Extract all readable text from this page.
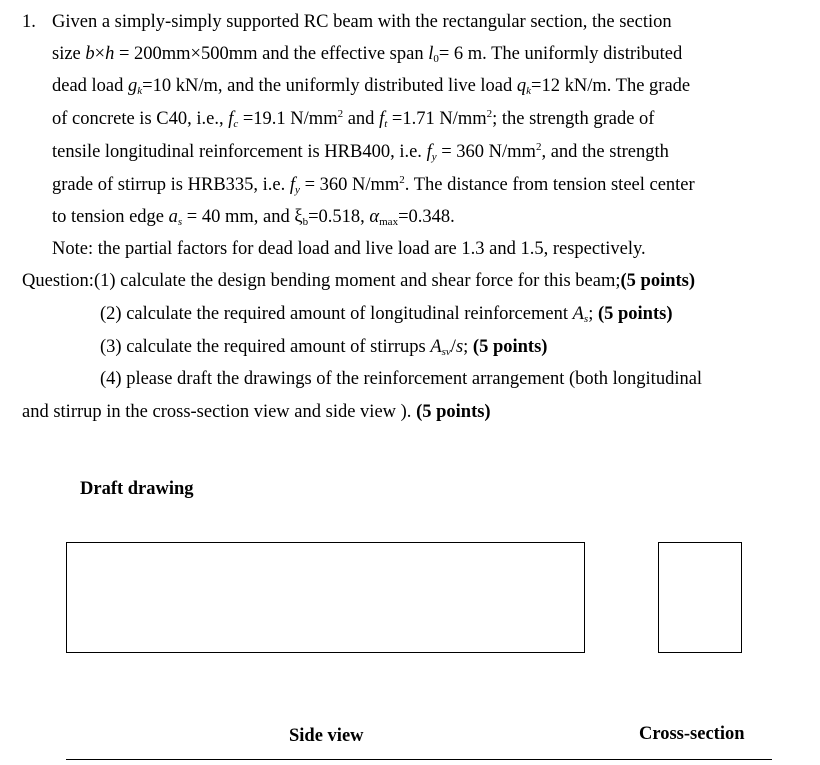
1. Given a simply-simply supported RC beam with the rectangular section, the section
size b×h = 200mm×500mm and the effective span $l_0= 6$ m. The uniformly distributed
dead load $g_k=10$ kN/m, and the uniformly distributed live load $q_k=12$ kN/m. The grade
of concrete is C40, i.e., $f_c =19.1$ $N/mm^2$ and $f_t =1.71$ $N/mm^2$; the strength grade of
tensile longitudinal reinforcement is HRB400, i.e. $f_y = 360$ $N/mm^2$, and the strength
grade of stirrup is HRB335, i.e. $f_y = 360$ $N/mm^2$. The distance from tension steel center
to tension edge $a_s = 40$ mm, and $\xi_b=0.518$, $\alpha_{max}=0.348$.
Note: the partial factors for dead load and live load are 1.3 and 1.5, respectively.
Question:(1) calculate the design bending moment and shear force for this beam;(5 points)
(2) calculate the required amount of longitudinal reinforcement $A_s$; (5 points)
(3) calculate the required amount of stirrups $A_{sv}/s$; (5 points)
(4) please draft the drawings of the reinforcement arrangement (both longitudinal
and stirrup in the cross-section view and side view ). (5 points)
Draft drawing
Side view	Cross-section
